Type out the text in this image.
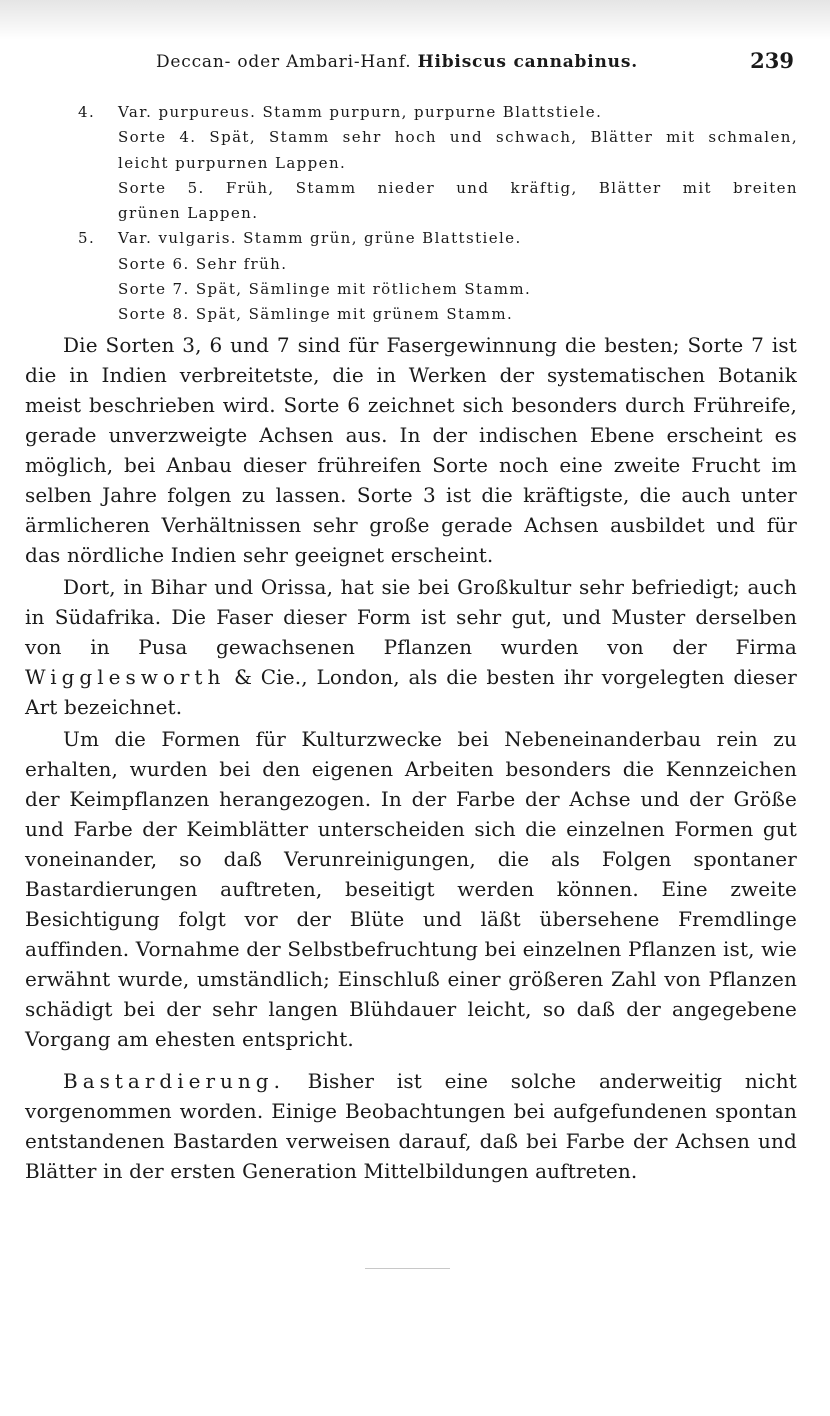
Deccan- oder Ambari-Hanf. Hibiscus cannabinus.	239
4. Var. purpureus. Stamm purpurn, purpurne Blattstiele.
Sorte 4. Spät, Stamm sehr hoch und schwach, Blätter mit schmalen,
leicht purpurnen Lappen.
Sorte 5. Früh, Stamm nieder und kräftig, Blätter mit breiten
grünen Lappen.
5. Var. vulgaris. Stamm grün, grüne Blattstiele.
Sorte 6. Sehr früh.
Sorte 7. Spät, Sämlinge mit rötlichem Stamm.
Sorte 8. Spät, Sämlinge mit grünem Stamm.

Die Sorten 3, 6 und 7 sind für Fasergewinnung die besten; Sorte 7 ist die in Indien verbreitetste, die in Werken der systematischen Botanik meist beschrieben wird. Sorte 6 zeichnet sich besonders durch Frühreife, gerade unverzweigte Achsen aus. In der indischen Ebene erscheint es möglich, bei Anbau dieser frühreifen Sorte noch eine zweite Frucht im selben Jahre folgen zu lassen. Sorte 3 ist die kräftigste, die auch unter ärmlicheren Verhältnissen sehr große gerade Achsen ausbildet und für das nördliche Indien sehr geeignet erscheint.

Dort, in Bihar und Orissa, hat sie bei Großkultur sehr befriedigt; auch in Südafrika. Die Faser dieser Form ist sehr gut, und Muster derselben von in Pusa gewachsenen Pflanzen wurden von der Firma Wigglesworth & Cie., London, als die besten ihr vorgelegten dieser Art bezeichnet.

Um die Formen für Kulturzwecke bei Nebeneinanderbau rein zu erhalten, wurden bei den eigenen Arbeiten besonders die Kennzeichen der Keimpflanzen herangezogen. In der Farbe der Achse und der Größe und Farbe der Keimblätter unterscheiden sich die einzelnen Formen gut voneinander, so daß Verunreinigungen, die als Folgen spontaner Bastardierungen auftreten, beseitigt werden können. Eine zweite Besichtigung folgt vor der Blüte und läßt übersehene Fremdlinge auffinden. Vornahme der Selbstbefruchtung bei einzelnen Pflanzen ist, wie erwähnt wurde, umständlich; Einschluß einer größeren Zahl von Pflanzen schädigt bei der sehr langen Blühdauer leicht, so daß der angegebene Vorgang am ehesten entspricht.

Bastardierung. Bisher ist eine solche anderweitig nicht vorgenommen worden. Einige Beobachtungen bei aufgefundenen spontan entstandenen Bastarden verweisen darauf, daß bei Farbe der Achsen und Blätter in der ersten Generation Mittelbildungen auftreten.
